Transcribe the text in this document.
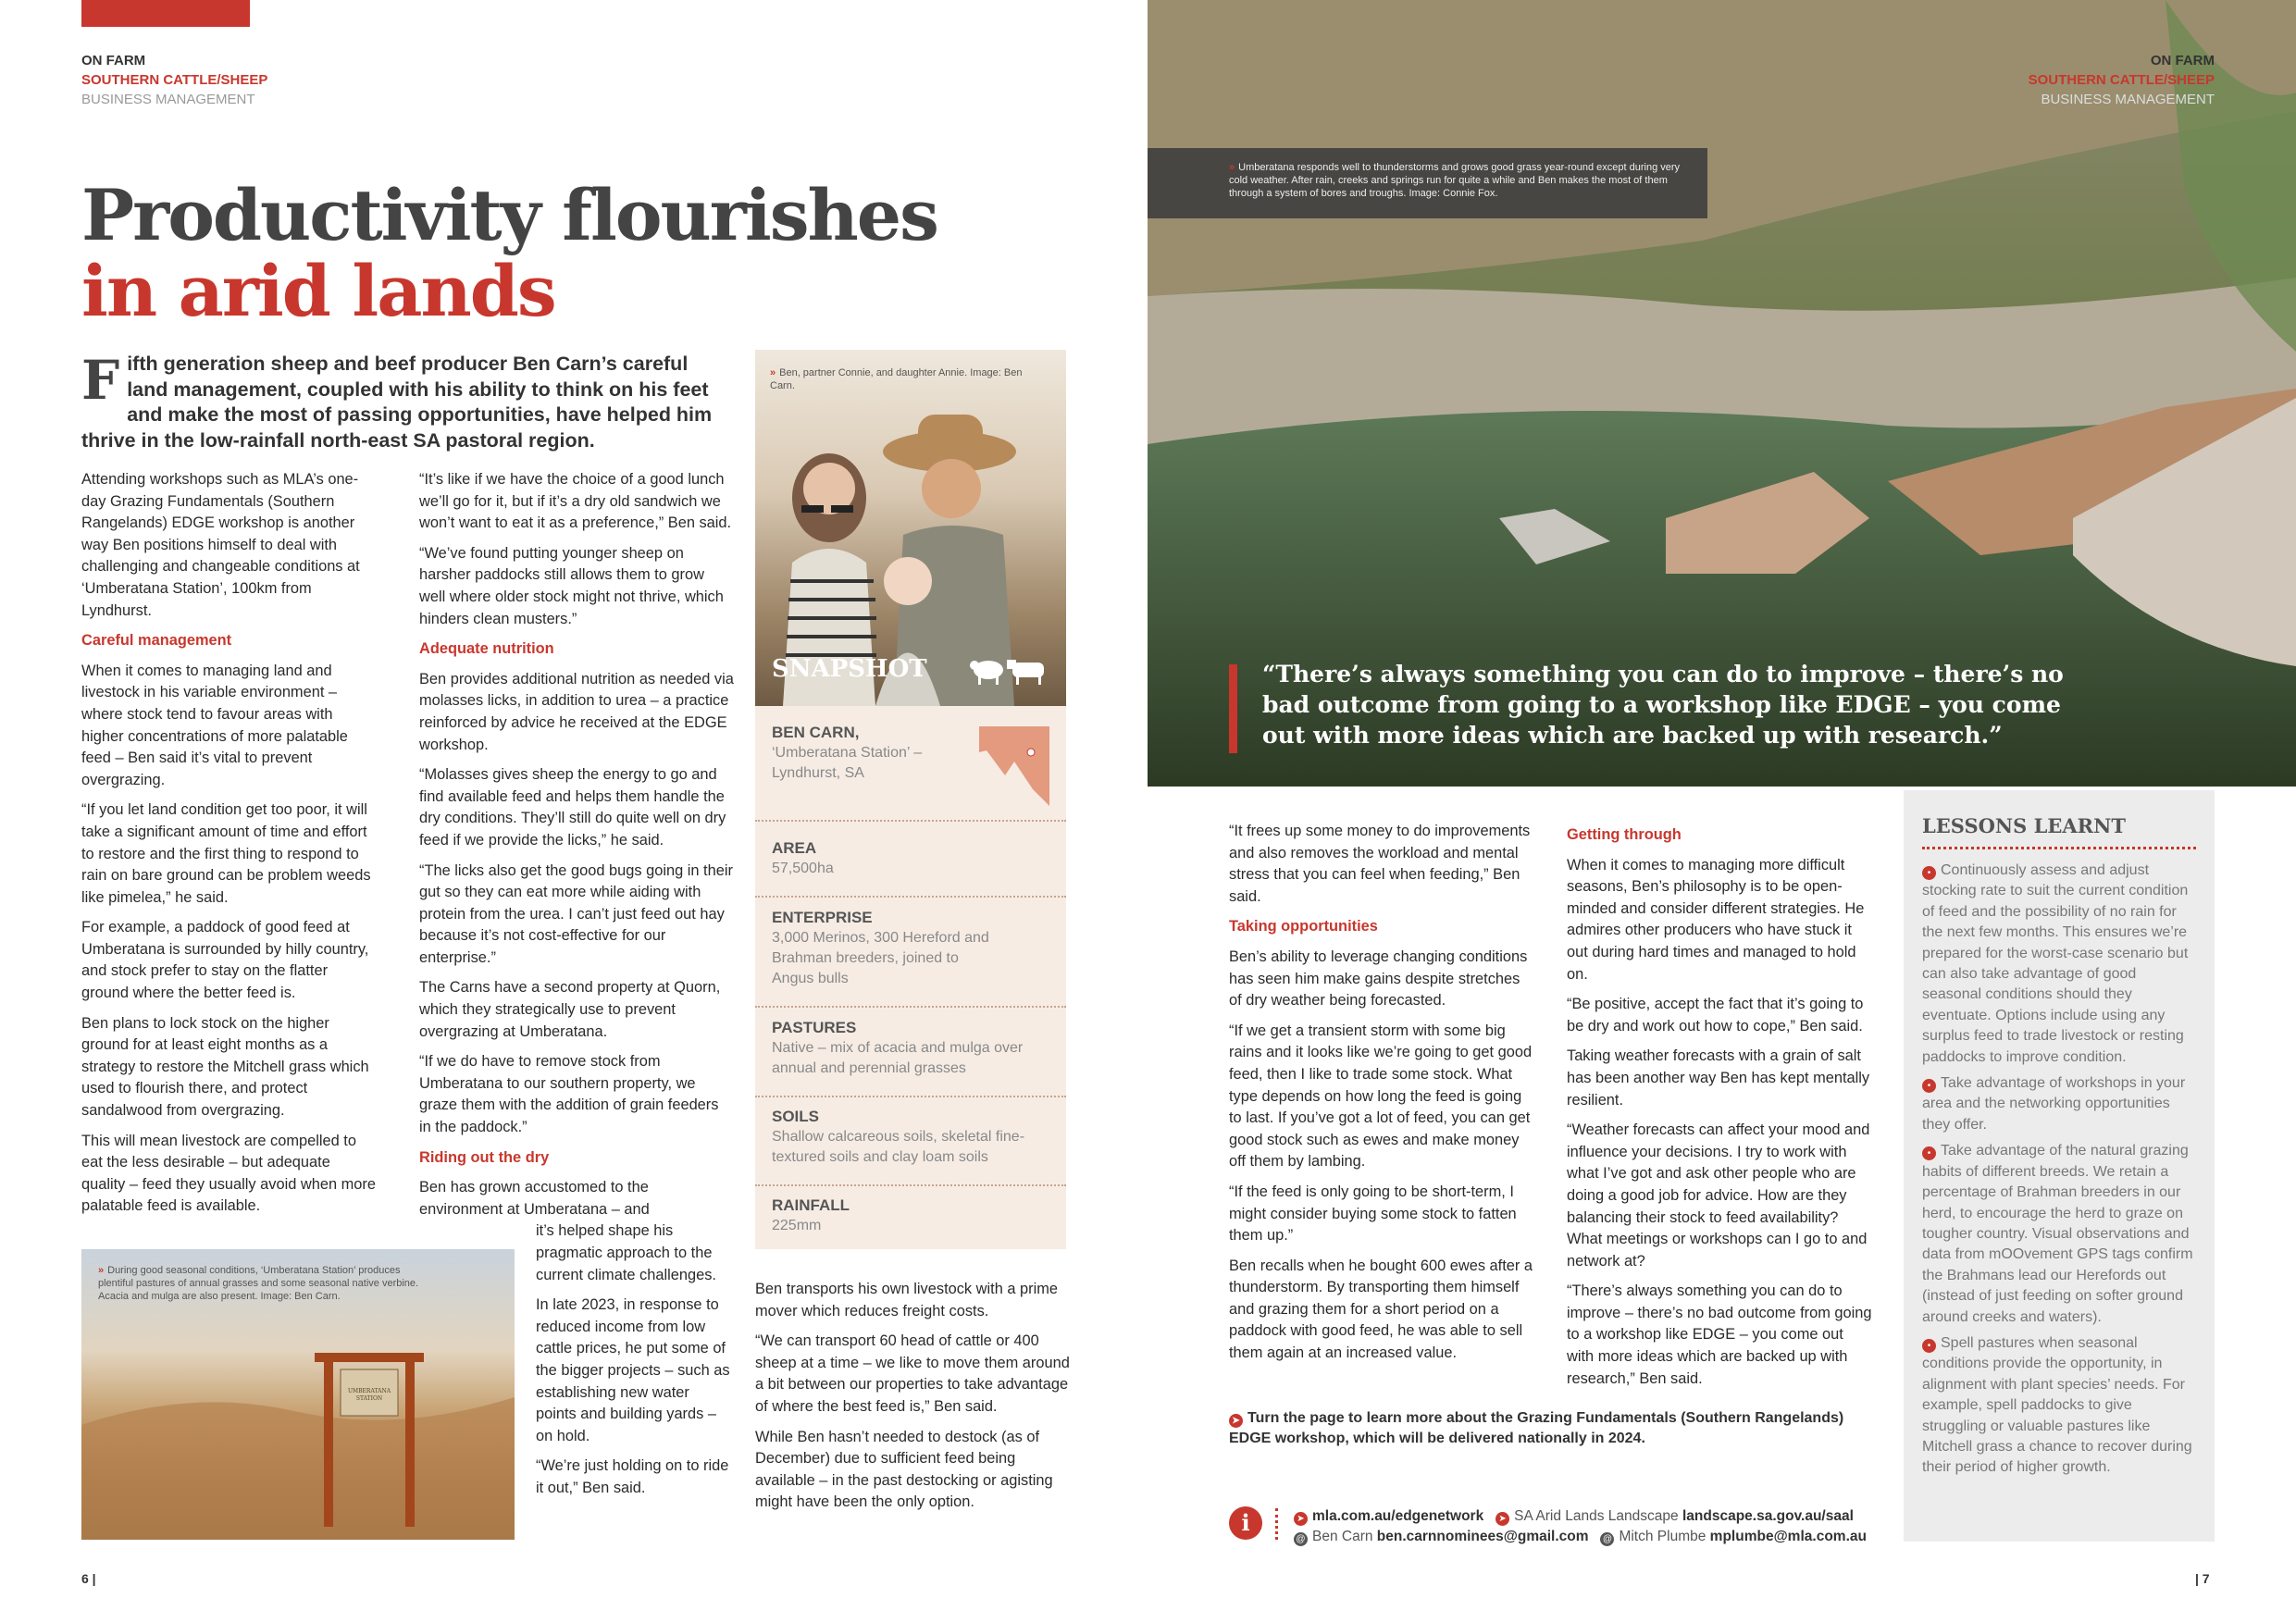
ON FARM
SOUTHERN CATTLE/SHEEP
BUSINESS MANAGEMENT
Productivity flourishes
in arid lands
Fifth generation sheep and beef producer Ben Carn’s careful land management, coupled with his ability to think on his feet and make the most of passing opportunities, have helped him thrive in the low-rainfall north-east SA pastoral region.

Attending workshops such as MLA’s one-day Grazing Fundamentals (Southern Rangelands) EDGE workshop is another way Ben positions himself to deal with challenging and changeable conditions at ‘Umberatana Station’, 100km from Lyndhurst.

Careful management

When it comes to managing land and livestock in his variable environment – where stock tend to favour areas with higher concentrations of more palatable feed – Ben said it’s vital to prevent overgrazing.

“If you let land condition get too poor, it will take a significant amount of time and effort to restore and the first thing to respond to rain on bare ground can be problem weeds like pimelea,” he said.

For example, a paddock of good feed at Umberatana is surrounded by hilly country, and stock prefer to stay on the flatter ground where the better feed is.

Ben plans to lock stock on the higher ground for at least eight months as a strategy to restore the Mitchell grass which used to flourish there, and protect sandalwood from overgrazing.

This will mean livestock are compelled to eat the less desirable – but adequate quality – feed they usually avoid when more palatable feed is available.

“It’s like if we have the choice of a good lunch we’ll go for it, but if it’s a dry old sandwich we won’t want to eat it as a preference,” Ben said.

“We’ve found putting younger sheep on harsher paddocks still allows them to grow well where older stock might not thrive, which hinders clean musters.”

Adequate nutrition

Ben provides additional nutrition as needed via molasses licks, in addition to urea – a practice reinforced by advice he received at the EDGE workshop.

“Molasses gives sheep the energy to go and find available feed and helps them handle the dry conditions. They’ll still do quite well on dry feed if we provide the licks,” he said.

“The licks also get the good bugs going in their gut so they can eat more while aiding with protein from the urea. I can’t just feed out hay because it’s not cost-effective for our enterprise.”

The Carns have a second property at Quorn, which they strategically use to prevent overgrazing at Umberatana.

“If we do have to remove stock from Umberatana to our southern property, we graze them with the addition of grain feeders in the paddock.”

Riding out the dry

Ben has grown accustomed to the environment at Umberatana – and

it’s helped shape his pragmatic approach to the current climate challenges.

In late 2023, in response to reduced income from low cattle prices, he put some of the bigger projects – such as establishing new water points and building yards – on hold.

“We’re just holding on to ride it out,” Ben said.

UMBERATANA
STATION
» During good seasonal conditions, ‘Umberatana Station’ produces plentiful pastures of annual grasses and some seasonal native verbine. Acacia and mulga are also present. Image: Ben Carn.
SNAPSHOT
» Ben, partner Connie, and daughter Annie. Image: Ben Carn.
BEN CARN,
‘Umberatana Station’ – Lyndhurst, SA
AREA
57,500ha
ENTERPRISE
3,000 Merinos, 300 Hereford and Brahman breeders, joined to Angus bulls
PASTURES
Native – mix of acacia and mulga over annual and perennial grasses
SOILS
Shallow calcareous soils, skeletal fine-textured soils and clay loam soils
RAINFALL
225mm

Ben transports his own livestock with a prime mover which reduces freight costs.

“We can transport 60 head of cattle or 400 sheep at a time – we like to move them around a bit between our properties to take advantage of where the best feed is,” Ben said.

While Ben hasn’t needed to destock (as of December) due to sufficient feed being available – in the past destocking or agisting might have been the only option.

» Umberatana responds well to thunderstorms and grows good grass year-round except during very cold weather. After rain, creeks and springs run for quite a while and Ben makes the most of them through a system of bores and troughs. Image: Connie Fox.
ON FARM
SOUTHERN CATTLE/SHEEP
BUSINESS MANAGEMENT
“There’s always something you can do to improve – there’s no bad outcome from going to a workshop like EDGE – you come out with more ideas which are backed up with research.”

“It frees up some money to do improvements and also removes the workload and mental stress that you can feel when feeding,” Ben said.

Taking opportunities

Ben’s ability to leverage changing conditions has seen him make gains despite stretches of dry weather being forecasted.

“If we get a transient storm with some big rains and it looks like we’re going to get good feed, then I like to trade some stock. What type depends on how long the feed is going to last. If you’ve got a lot of feed, you can get good stock such as ewes and make money off them by lambing.

“If the feed is only going to be short-term, I might consider buying some stock to fatten them up.”

Ben recalls when he bought 600 ewes after a thunderstorm. By transporting them himself and grazing them for a short period on a paddock with good feed, he was able to sell them again at an increased value.

Getting through

When it comes to managing more difficult seasons, Ben’s philosophy is to be open-minded and consider different strategies. He admires other producers who have stuck it out during hard times and managed to hold on.

“Be positive, accept the fact that it’s going to be dry and work out how to cope,” Ben said.

Taking weather forecasts with a grain of salt has been another way Ben has kept mentally resilient.

“Weather forecasts can affect your mood and influence your decisions. I try to work with what I’ve got and ask other people who are doing a good job for advice. How are they balancing their stock to feed availability? What meetings or workshops can I go to and network at?

“There’s always something you can do to improve – there’s no bad outcome from going to a workshop like EDGE – you come out with more ideas which are backed up with research,” Ben said.

➤ Turn the page to learn more about the Grazing Fundamentals (Southern Rangelands) EDGE workshop, which will be delivered nationally in 2024.
i	➤ mla.com.au/edgenetwork ➤ SA Arid Lands Landscape landscape.sa.gov.au/saal
@ Ben Carn ben.carnnominees@gmail.com @ Mitch Plumbe mplumbe@mla.com.au
LESSONS LEARNT

• Continuously assess and adjust stocking rate to suit the current condition of feed and the possibility of no rain for the next few months. This ensures we’re prepared for the worst-case scenario but can also take advantage of good seasonal conditions should they eventuate. Options include using any surplus feed to trade livestock or resting paddocks to improve condition.

• Take advantage of workshops in your area and the networking opportunities they offer.

• Take advantage of the natural grazing habits of different breeds. We retain a percentage of Brahman breeders in our herd, to encourage the herd to graze on tougher country. Visual observations and data from mOOvement GPS tags confirm the Brahmans lead our Herefords out (instead of just feeding on softer ground around creeks and waters).

• Spell pastures when seasonal conditions provide the opportunity, in alignment with plant species’ needs. For example, spell paddocks to give struggling or valuable pastures like Mitchell grass a chance to recover during their period of higher growth.

6 |	| 7
